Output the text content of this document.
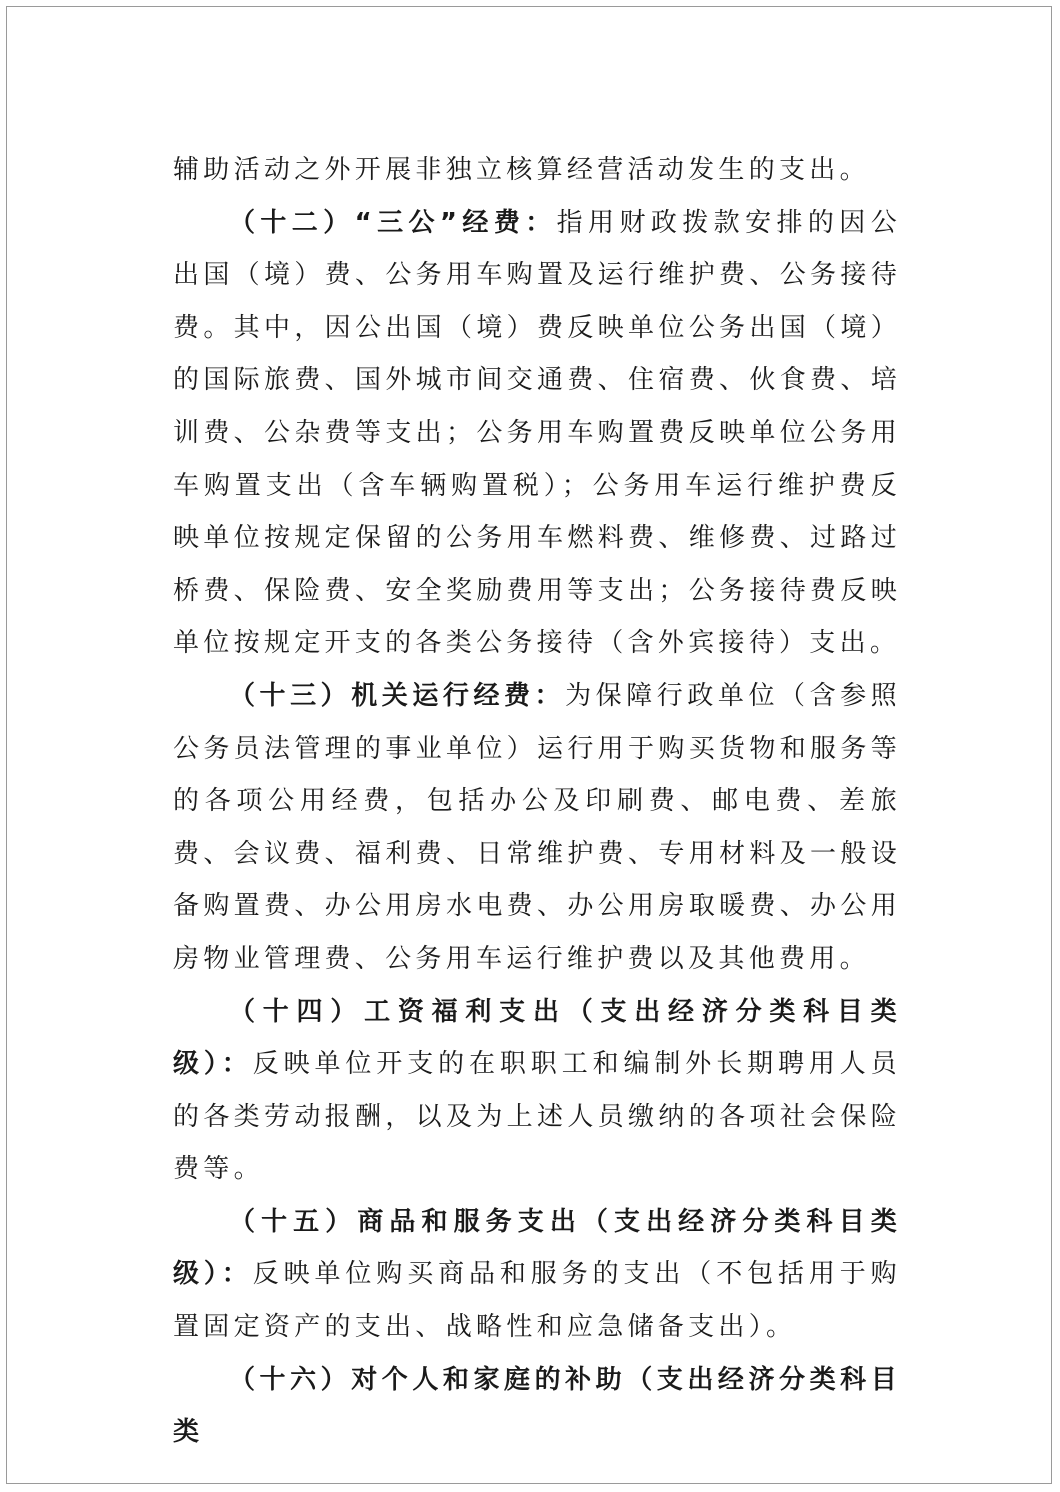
辅助活动之外开展非独立核算经营活动发生的支出。

（十二）“三公”经费：指用财政拨款安排的因公出国（境）费、公务用车购置及运行维护费、公务接待费。其中，因公出国（境）费反映单位公务出国（境）的国际旅费、国外城市间交通费、住宿费、伙食费、培训费、公杂费等支出；公务用车购置费反映单位公务用车购置支出（含车辆购置税）；公务用车运行维护费反映单位按规定保留的公务用车燃料费、维修费、过路过桥费、保险费、安全奖励费用等支出；公务接待费反映单位按规定开支的各类公务接待（含外宾接待）支出。

（十三）机关运行经费：为保障行政单位（含参照公务员法管理的事业单位）运行用于购买货物和服务等的各项公用经费，包括办公及印刷费、邮电费、差旅费、会议费、福利费、日常维护费、专用材料及一般设备购置费、办公用房水电费、办公用房取暖费、办公用房物业管理费、公务用车运行维护费以及其他费用。

（十四）工资福利支出（支出经济分类科目类级）：反映单位开支的在职职工和编制外长期聘用人员的各类劳动报酬，以及为上述人员缴纳的各项社会保险费等。

（十五）商品和服务支出（支出经济分类科目类级）：反映单位购买商品和服务的支出（不包括用于购置固定资产的支出、战略性和应急储备支出）。

（十六）对个人和家庭的补助（支出经济分类科目类
